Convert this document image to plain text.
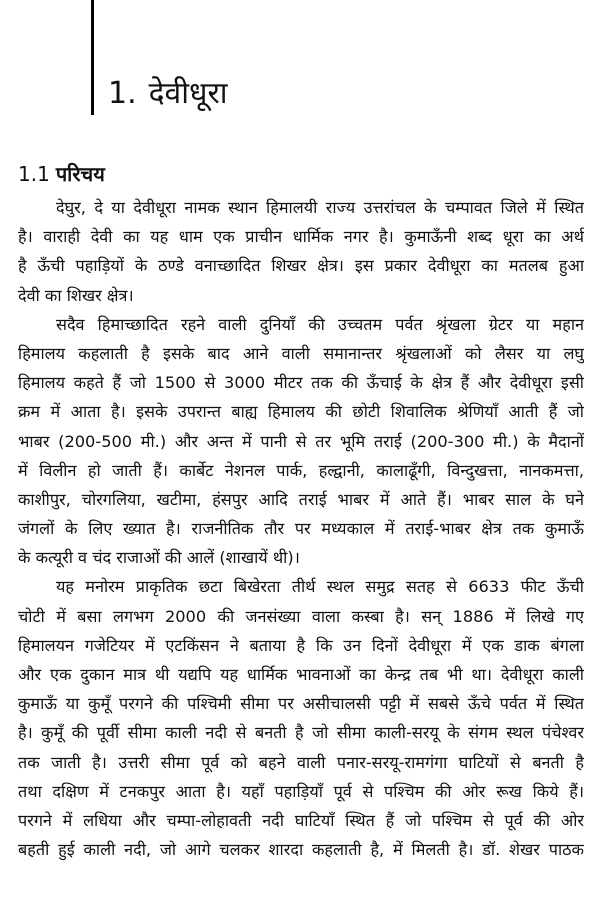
1. देवीधूरा
1.1 परिचय
देघुर, दे या देवीधूरा नामक स्थान हिमालयी राज्य उत्तरांचल के चम्पावत जिले में स्थित
है। वाराही देवी का यह धाम एक प्राचीन धार्मिक नगर है। कुमाऊँनी शब्द धूरा का अर्थ
है ऊँची पहाड़ियों के ठण्डे वनाच्छादित शिखर क्षेत्र। इस प्रकार देवीधूरा का मतलब हुआ
देवी का शिखर क्षेत्र।
सदैव हिमाच्छादित रहने वाली दुनियाँ की उच्चतम पर्वत श्रृंखला ग्रेटर या महान
हिमालय कहलाती है इसके बाद आने वाली समानान्तर श्रृंखलाओं को लैसर या लघु
हिमालय कहते हैं जो 1500 से 3000 मीटर तक की ऊँचाई के क्षेत्र हैं और देवीधूरा इसी
क्रम में आता है। इसके उपरान्त बाह्य हिमालय की छोटी शिवालिक श्रेणियाँ आती हैं जो
भाबर (200-500 मी.) और अन्त में पानी से तर भूमि तराई (200-300 मी.) के मैदानों
में विलीन हो जाती हैं। कार्बेट नेशनल पार्क, हल्द्वानी, कालाढूँगी, विन्दुखत्ता, नानकमत्ता,
काशीपुर, चोरगलिया, खटीमा, हंसपुर आदि तराई भाबर में आते हैं। भाबर साल के घने
जंगलों के लिए ख्यात है। राजनीतिक तौर पर मध्यकाल में तराई-भाबर क्षेत्र तक कुमाऊँ
के कत्यूरी व चंद राजाओं की आलें (शाखायें थी)।
यह मनोरम प्राकृतिक छटा बिखेरता तीर्थ स्थल समुद्र सतह से 6633 फीट ऊँची
चोटी में बसा लगभग 2000 की जनसंख्या वाला कस्बा है। सन् 1886 में लिखे गए
हिमालयन गजेटियर में एटकिंसन ने बताया है कि उन दिनों देवीधूरा में एक डाक बंगला
और एक दुकान मात्र थी यद्यपि यह धार्मिक भावनाओं का केन्द्र तब भी था। देवीधूरा काली
कुमाऊँ या कुमूँ परगने की पश्चिमी सीमा पर असीचालसी पट्टी में सबसे ऊँचे पर्वत में स्थित
है। कुमूँ की पूर्वी सीमा काली नदी से बनती है जो सीमा काली-सरयू के संगम स्थल पंचेश्वर
तक जाती है। उत्तरी सीमा पूर्व को बहने वाली पनार-सरयू-रामगंगा घाटियों से बनती है
तथा दक्षिण में टनकपुर आता है। यहाँ पहाड़ियाँ पूर्व से पश्चिम की ओर रूख किये हैं।
परगने में लधिया और चम्पा-लोहावती नदी घाटियाँ स्थित हैं जो पश्चिम से पूर्व की ओर
बहती हुई काली नदी, जो आगे चलकर शारदा कहलाती है, में मिलती है। डॉ. शेखर पाठक
